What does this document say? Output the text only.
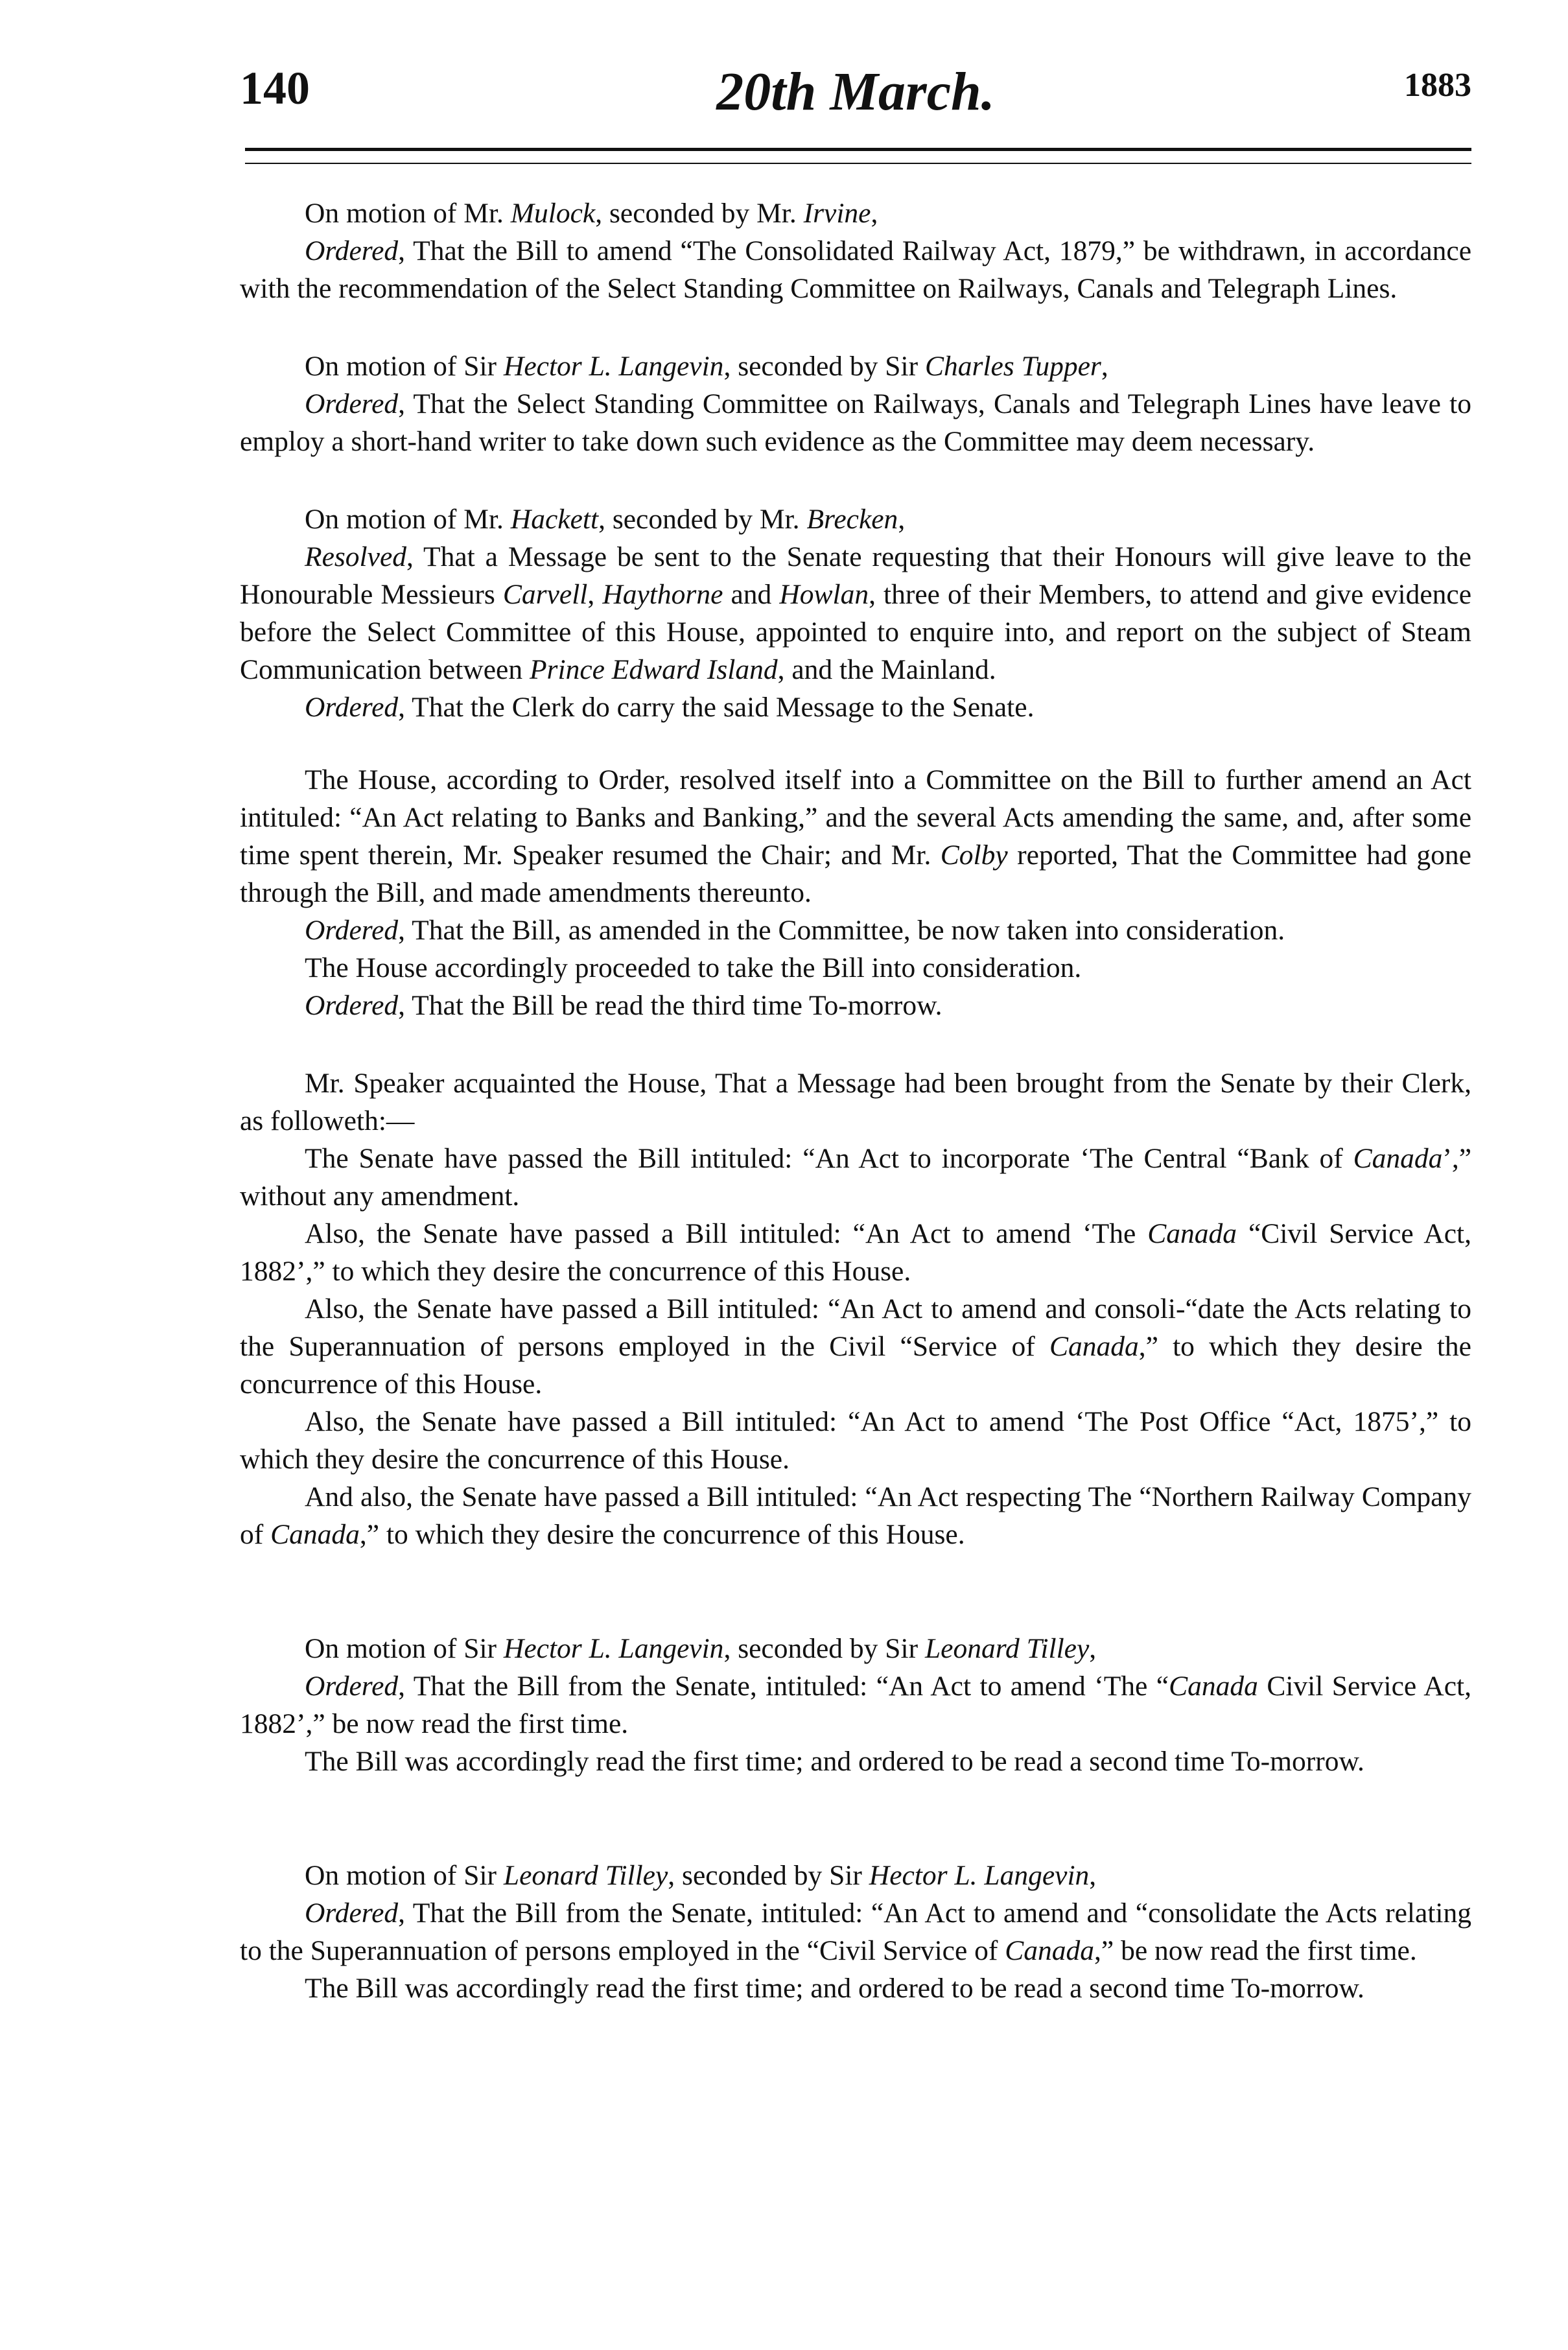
140	20th March.	1883

On motion of Mr. Mulock, seconded by Mr. Irvine,

Ordered, That the Bill to amend “The Consolidated Railway Act, 1879,” be withdrawn, in accordance with the recommendation of the Select Standing Committee on Railways, Canals and Telegraph Lines.

On motion of Sir Hector L. Langevin, seconded by Sir Charles Tupper,

Ordered, That the Select Standing Committee on Railways, Canals and Telegraph Lines have leave to employ a short-hand writer to take down such evidence as the Committee may deem necessary.

On motion of Mr. Hackett, seconded by Mr. Brecken,

Resolved, That a Message be sent to the Senate requesting that their Honours will give leave to the Honourable Messieurs Carvell, Haythorne and Howlan, three of their Members, to attend and give evidence before the Select Committee of this House, appointed to enquire into, and report on the subject of Steam Communication between Prince Edward Island, and the Mainland.

Ordered, That the Clerk do carry the said Message to the Senate.

The House, according to Order, resolved itself into a Committee on the Bill to further amend an Act intituled: “An Act relating to Banks and Banking,” and the several Acts amending the same, and, after some time spent therein, Mr. Speaker resumed the Chair; and Mr. Colby reported, That the Committee had gone through the Bill, and made amendments thereunto.

Ordered, That the Bill, as amended in the Committee, be now taken into consideration.

The House accordingly proceeded to take the Bill into consideration.

Ordered, That the Bill be read the third time To-morrow.

Mr. Speaker acquainted the House, That a Message had been brought from the Senate by their Clerk, as followeth:—

The Senate have passed the Bill intituled: “An Act to incorporate ‘The Central “Bank of Canada’,” without any amendment.

Also, the Senate have passed a Bill intituled: “An Act to amend ‘The Canada “Civil Service Act, 1882’,” to which they desire the concurrence of this House.

Also, the Senate have passed a Bill intituled: “An Act to amend and consoli-“date the Acts relating to the Superannuation of persons employed in the Civil “Service of Canada,” to which they desire the concurrence of this House.

Also, the Senate have passed a Bill intituled: “An Act to amend ‘The Post Office “Act, 1875’,” to which they desire the concurrence of this House.

And also, the Senate have passed a Bill intituled: “An Act respecting The “Northern Railway Company of Canada,” to which they desire the concurrence of this House.

On motion of Sir Hector L. Langevin, seconded by Sir Leonard Tilley,

Ordered, That the Bill from the Senate, intituled: “An Act to amend ‘The “Canada Civil Service Act, 1882’,” be now read the first time.

The Bill was accordingly read the first time; and ordered to be read a second time To-morrow.

On motion of Sir Leonard Tilley, seconded by Sir Hector L. Langevin,

Ordered, That the Bill from the Senate, intituled: “An Act to amend and “consolidate the Acts relating to the Superannuation of persons employed in the “Civil Service of Canada,” be now read the first time.

The Bill was accordingly read the first time; and ordered to be read a second time To-morrow.
